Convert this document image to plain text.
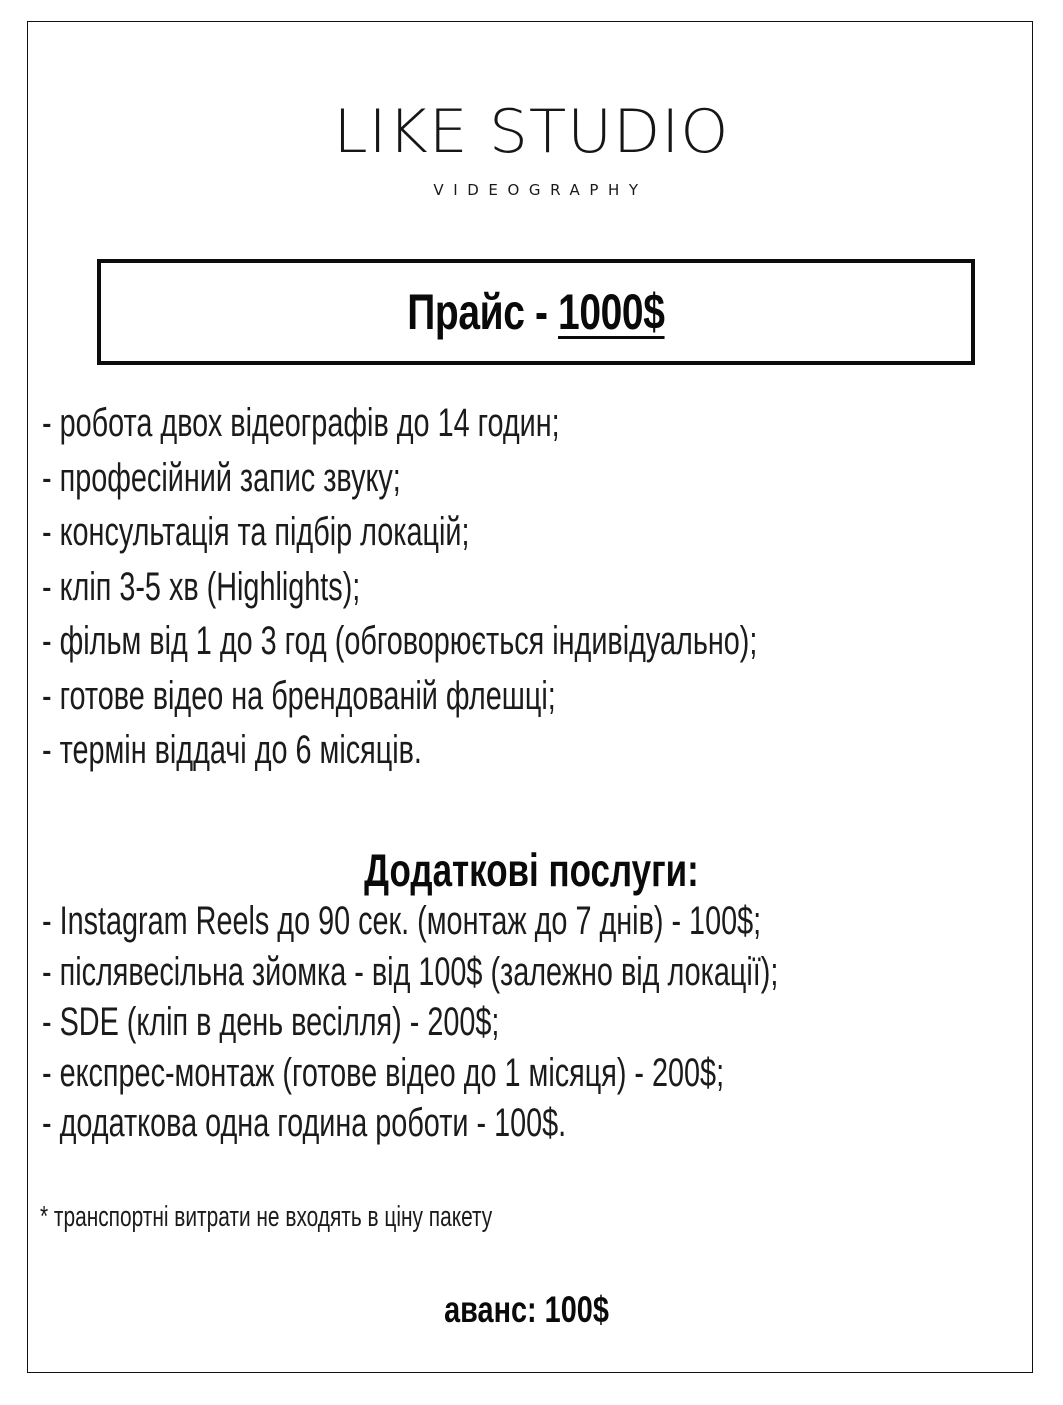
LIKE STUDIO
VIDEOGRAPHY
Прайс - 1000$
- робота двох відеографів до 14 годин;
- професійний запис звуку;
- консультація та підбір локацій;
- кліп 3-5 хв (Highlights);
- фільм від 1 до 3 год (обговорюється індивідуально);
- готове відео на брендованій флешці;
- термін віддачі до 6 місяців.
Додаткові послуги:
- Instagram Reels до 90 сек. (монтаж до 7 днів) - 100$;
- післявесільна зйомка - від 100$ (залежно від локації);
- SDE (кліп в день весілля) - 200$;
- експрес-монтаж (готове відео до 1 місяця) - 200$;
- додаткова одна година роботи - 100$.
* транспортні витрати не входять в ціну пакету
аванс: 100$
